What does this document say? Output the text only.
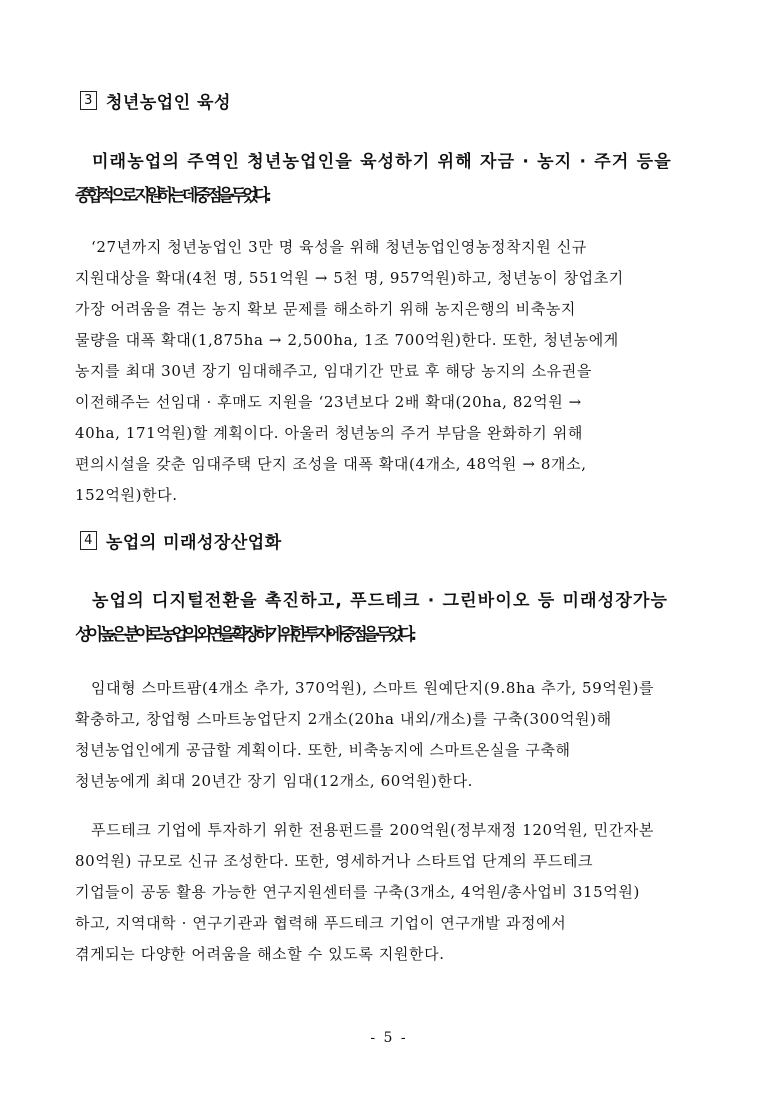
3 청년농업인 육성
미래농업의 주역인 청년농업인을 육성하기 위해 자금 · 농지 · 주거 등을
종합적으로 지원하는 데 중점을 두었다.
‘27년까지 청년농업인 3만 명 육성을 위해 청년농업인영농정착지원 신규
지원대상을 확대(4천 명, 551억원 → 5천 명, 957억원)하고, 청년농이 창업초기
가장 어려움을 겪는 농지 확보 문제를 해소하기 위해 농지은행의 비축농지
물량을 대폭 확대(1,875ha → 2,500ha, 1조 700억원)한다. 또한, 청년농에게
농지를 최대 30년 장기 임대해주고, 임대기간 만료 후 해당 농지의 소유권을
이전해주는 선임대 · 후매도 지원을 ‘23년보다 2배 확대(20ha, 82억원 →
40ha, 171억원)할 계획이다. 아울러 청년농의 주거 부담을 완화하기 위해
편의시설을 갖춘 임대주택 단지 조성을 대폭 확대(4개소, 48억원 → 8개소,
152억원)한다.
4 농업의 미래성장산업화
농업의 디지털전환을 촉진하고, 푸드테크 · 그린바이오 등 미래성장가능
성이 높은 분야로 농업의 외연을 확장하기 위한 투자에 중점을 두었다.
임대형 스마트팜(4개소 추가, 370억원), 스마트 원예단지(9.8ha 추가, 59억원)를
확충하고, 창업형 스마트농업단지 2개소(20ha 내외/개소)를 구축(300억원)해
청년농업인에게 공급할 계획이다. 또한, 비축농지에 스마트온실을 구축해
청년농에게 최대 20년간 장기 임대(12개소, 60억원)한다.
푸드테크 기업에 투자하기 위한 전용펀드를 200억원(정부재정 120억원, 민간자본
80억원) 규모로 신규 조성한다. 또한, 영세하거나 스타트업 단계의 푸드테크
기업들이 공동 활용 가능한 연구지원센터를 구축(3개소, 4억원/총사업비 315억원)
하고, 지역대학 · 연구기관과 협력해 푸드테크 기업이 연구개발 과정에서
겪게되는 다양한 어려움을 해소할 수 있도록 지원한다.
- 5 -
